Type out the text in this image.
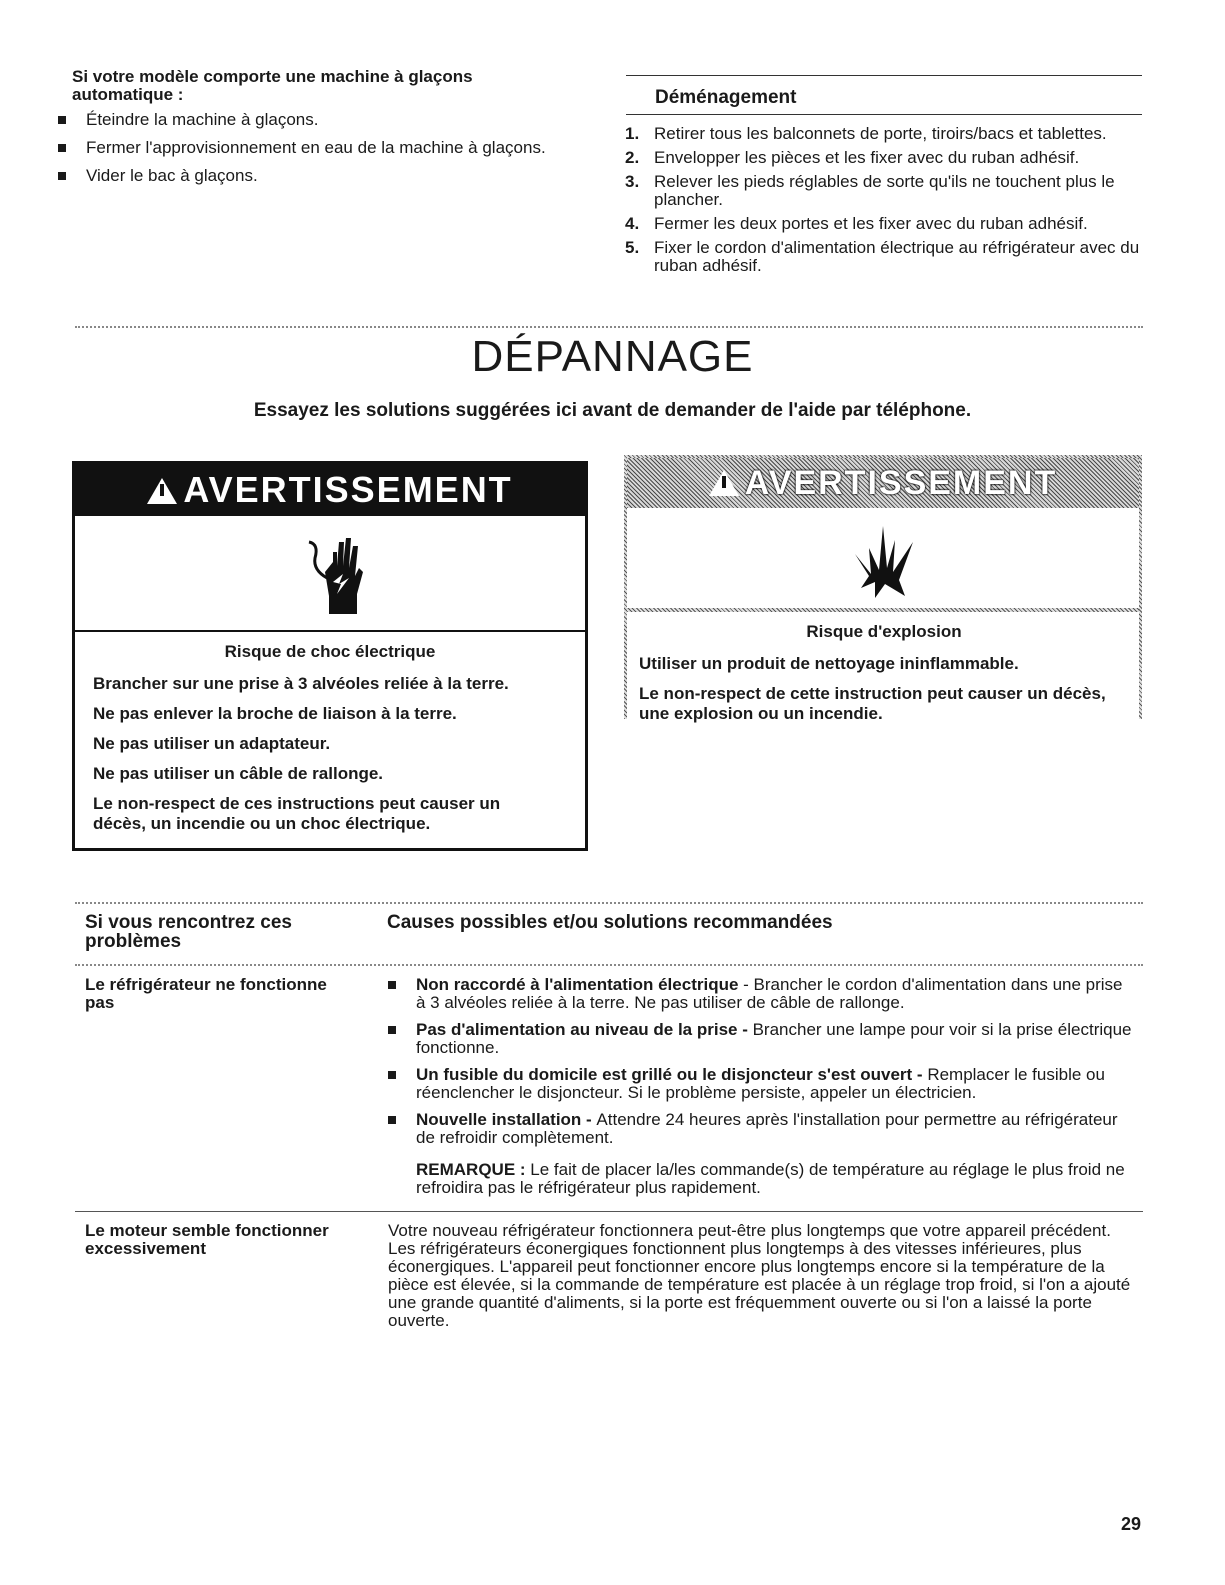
Si votre modèle comporte une machine à glaçons automatique :
Éteindre la machine à glaçons.
Fermer l'approvisionnement en eau de la machine à glaçons.
Vider le bac à glaçons.
Déménagement
1. Retirer tous les balconnets de porte, tiroirs/bacs et tablettes.
2. Envelopper les pièces et les fixer avec du ruban adhésif.
3. Relever les pieds réglables de sorte qu'ils ne touchent plus le plancher.
4. Fermer les deux portes et les fixer avec du ruban adhésif.
5. Fixer le cordon d'alimentation électrique au réfrigérateur avec du ruban adhésif.
DÉPANNAGE
Essayez les solutions suggérées ici avant de demander de l'aide par téléphone.
AVERTISSEMENT

Risque de choc électrique

Brancher sur une prise à 3 alvéoles reliée à la terre.

Ne pas enlever la broche de liaison à la terre.

Ne pas utiliser un adaptateur.

Ne pas utiliser un câble de rallonge.

Le non-respect de ces instructions peut causer un décès, un incendie ou un choc électrique.

AVERTISSEMENT

Risque d'explosion

Utiliser un produit de nettoyage ininflammable.

Le non-respect de cette instruction peut causer un décès, une explosion ou un incendie.

Si vous rencontrez ces problèmes
Causes possibles et/ou solutions recommandées
Le réfrigérateur ne fonctionne pas
Non raccordé à l'alimentation électrique - Brancher le cordon d'alimentation dans une prise à 3 alvéoles reliée à la terre. Ne pas utiliser de câble de rallonge.
Pas d'alimentation au niveau de la prise - Brancher une lampe pour voir si la prise électrique fonctionne.
Un fusible du domicile est grillé ou le disjoncteur s'est ouvert - Remplacer le fusible ou réenclencher le disjoncteur. Si le problème persiste, appeler un électricien.
Nouvelle installation - Attendre 24 heures après l'installation pour permettre au réfrigérateur de refroidir complètement.
REMARQUE : Le fait de placer la/les commande(s) de température au réglage le plus froid ne refroidira pas le réfrigérateur plus rapidement.
Le moteur semble fonctionner excessivement
Votre nouveau réfrigérateur fonctionnera peut-être plus longtemps que votre appareil précédent. Les réfrigérateurs éconergiques fonctionnent plus longtemps à des vitesses inférieures, plus éconergiques. L'appareil peut fonctionner encore plus longtemps encore si la température de la pièce est élevée, si la commande de température est placée à un réglage trop froid, si l'on a ajouté une grande quantité d'aliments, si la porte est fréquemment ouverte ou si l'on a laissé la porte ouverte.
29
